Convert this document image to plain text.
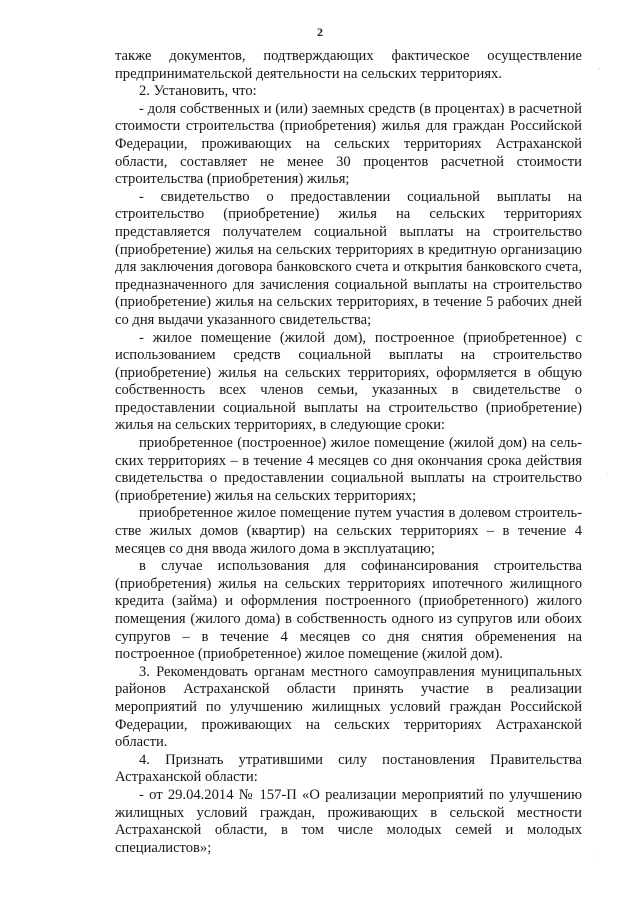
2

также документов, подтверждающих фактическое осуществление предпринимательской деятельности на сельских территориях.

2. Установить, что:

- доля собственных и (или) заемных средств (в процентах) в расчетной стоимости строительства (приобретения) жилья для граждан Российской Федерации, проживающих на сельских территориях Астраханской области, составляет не менее 30 процентов расчетной стоимости строительства (приобретения) жилья;

- свидетельство о предоставлении социальной выплаты на строительство (приобретение) жилья на сельских территориях представляется получателем социальной выплаты на строительство (приобретение) жилья на сельских территориях в кредитную организацию для заключения договора банковского счета и открытия банковского счета, предназначенного для зачисления социальной выплаты на строительство (приобретение) жилья на сельских территориях, в течение 5 рабочих дней со дня выдачи указанного свидетельства;

- жилое помещение (жилой дом), построенное (приобретенное) с использованием средств социальной выплаты на строительство (приобретение) жилья на сельских территориях, оформляется в общую собственность всех членов семьи, указанных в свидетельстве о предоставлении социальной выплаты на строительство (приобретение) жилья на сельских территориях, в следующие сроки:

приобретенное (построенное) жилое помещение (жилой дом) на сельских территориях – в течение 4 месяцев со дня окончания срока действия свидетельства о предоставлении социальной выплаты на строительство (приобретение) жилья на сельских территориях;

приобретенное жилое помещение путем участия в долевом строительстве жилых домов (квартир) на сельских территориях – в течение 4 месяцев со дня ввода жилого дома в эксплуатацию;

в случае использования для софинансирования строительства (приобретения) жилья на сельских территориях ипотечного жилищного кредита (займа) и оформления построенного (приобретенного) жилого помещения (жилого дома) в собственность одного из супругов или обоих супругов – в течение 4 месяцев со дня снятия обременения на построенное (приобретенное) жилое помещение (жилой дом).

3. Рекомендовать органам местного самоуправления муниципальных районов Астраханской области принять участие в реализации мероприятий по улучшению жилищных условий граждан Российской Федерации, проживающих на сельских территориях Астраханской области.

4. Признать утратившими силу постановления Правительства Астраханской области:

- от 29.04.2014 № 157-П «О реализации мероприятий по улучшению жилищных условий граждан, проживающих в сельской местности Астраханской области, в том числе молодых семей и молодых специалистов»;

,
·
·
